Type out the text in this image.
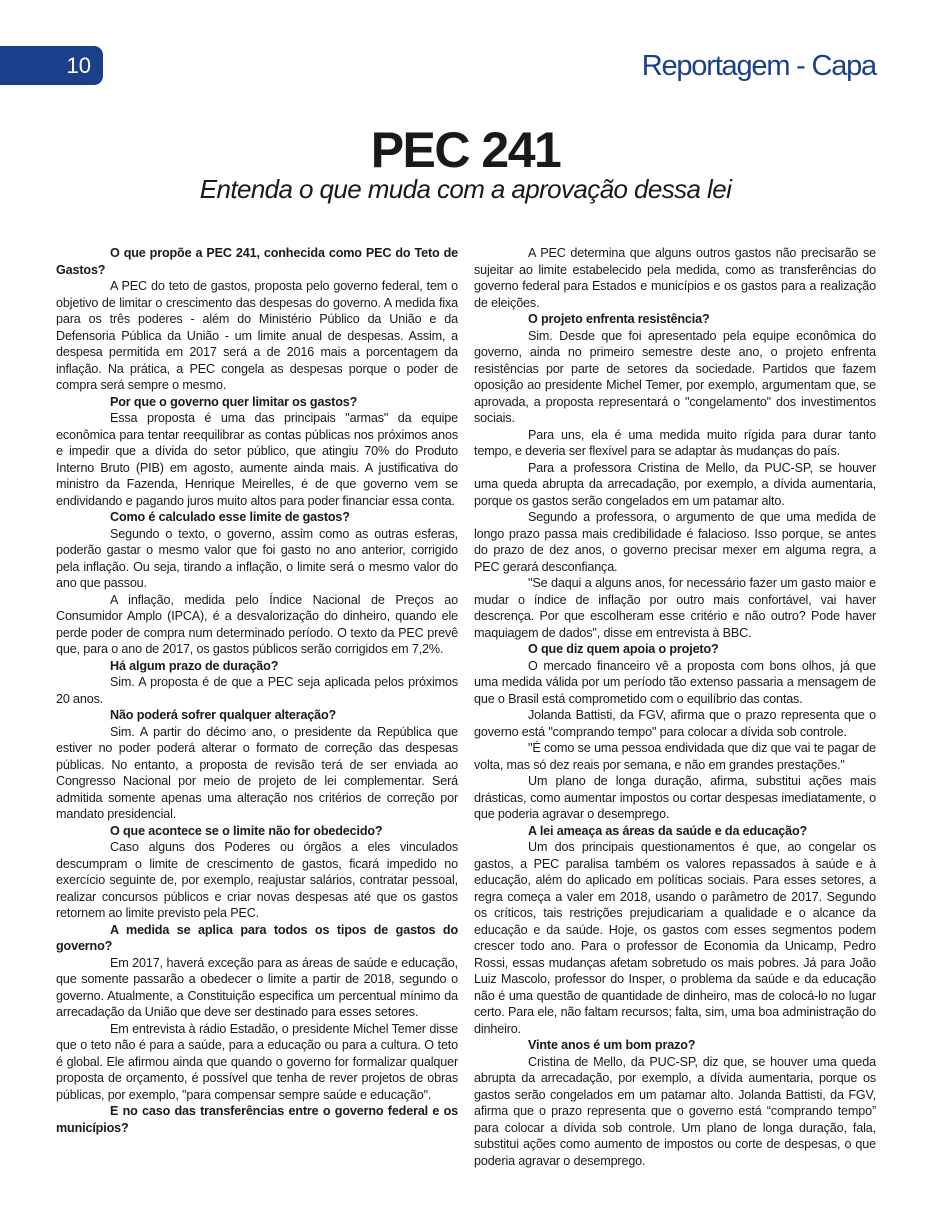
10	Reportagem - Capa
PEC 241
Entenda o que muda com a aprovação dessa lei

O que propõe a PEC 241, conhecida como PEC do Teto de Gastos?

A PEC do teto de gastos, proposta pelo governo federal, tem o objetivo de limitar o crescimento das despesas do governo. A medida fixa para os três poderes - além do Ministério Público da União e da Defensoria Pública da União - um limite anual de despesas. Assim, a despesa permitida em 2017 será a de 2016 mais a porcentagem da inflação. Na prática, a PEC congela as despesas porque o poder de compra será sempre o mesmo.

Por que o governo quer limitar os gastos?

Essa proposta é uma das principais "armas" da equipe econômica para tentar reequilibrar as contas públicas nos próximos anos e impedir que a dívida do setor público, que atingiu 70% do Produto Interno Bruto (PIB) em agosto, aumente ainda mais. A justificativa do ministro da Fazenda, Henrique Meirelles, é de que governo vem se endividando e pagando juros muito altos para poder financiar essa conta.

Como é calculado esse limite de gastos?

Segundo o texto, o governo, assim como as outras esferas, poderão gastar o mesmo valor que foi gasto no ano anterior, corrigido pela inflação. Ou seja, tirando a inflação, o limite será o mesmo valor do ano que passou.

A inflação, medida pelo Índice Nacional de Preços ao Consumidor Amplo (IPCA), é a desvalorização do dinheiro, quando ele perde poder de compra num determinado período. O texto da PEC prevê que, para o ano de 2017, os gastos públicos serão corrigidos em 7,2%.

Há algum prazo de duração?

Sim. A proposta é de que a PEC seja aplicada pelos próximos 20 anos.

Não poderá sofrer qualquer alteração?

Sim. A partir do décimo ano, o presidente da República que estiver no poder poderá alterar o formato de correção das despesas públicas. No entanto, a proposta de revisão terá de ser enviada ao Congresso Nacional por meio de projeto de lei complementar. Será admitida somente apenas uma alteração nos critérios de correção por mandato presidencial.

O que acontece se o limite não for obedecido?

Caso alguns dos Poderes ou órgãos a eles vinculados descumpram o limite de crescimento de gastos, ficará impedido no exercício seguinte de, por exemplo, reajustar salários, contratar pessoal, realizar concursos públicos e criar novas despesas até que os gastos retornem ao limite previsto pela PEC.

A medida se aplica para todos os tipos de gastos do governo?

Em 2017, haverá exceção para as áreas de saúde e educação, que somente passarão a obedecer o limite a partir de 2018, segundo o governo. Atualmente, a Constituição especifica um percentual mínimo da arrecadação da União que deve ser destinado para esses setores.

Em entrevista à rádio Estadão, o presidente Michel Temer disse que o teto não é para a saúde, para a educação ou para a cultura. O teto é global. Ele afirmou ainda que quando o governo for formalizar qualquer proposta de orçamento, é possível que tenha de rever projetos de obras públicas, por exemplo, "para compensar sempre saúde e educação".

E no caso das transferências entre o governo federal e os municípios?

A PEC determina que alguns outros gastos não precisarão se sujeitar ao limite estabelecido pela medida, como as transferências do governo federal para Estados e municípios e os gastos para a realização de eleições.

O projeto enfrenta resistência?

Sim. Desde que foi apresentado pela equipe econômica do governo, ainda no primeiro semestre deste ano, o projeto enfrenta resistências por parte de setores da sociedade. Partidos que fazem oposição ao presidente Michel Temer, por exemplo, argumentam que, se aprovada, a proposta representará o "congelamento" dos investimentos sociais.

Para uns, ela é uma medida muito rígida para durar tanto tempo, e deveria ser flexível para se adaptar às mudanças do país.

Para a professora Cristina de Mello, da PUC-SP, se houver uma queda abrupta da arrecadação, por exemplo, a dívida aumentaria, porque os gastos serão congelados em um patamar alto.

Segundo a professora, o argumento de que uma medida de longo prazo passa mais credibilidade é falacioso. Isso porque, se antes do prazo de dez anos, o governo precisar mexer em alguma regra, a PEC gerará desconfiança.

"Se daqui a alguns anos, for necessário fazer um gasto maior e mudar o índice de inflação por outro mais confortável, vai haver descrença. Por que escolheram esse critério e não outro? Pode haver maquiagem de dados", disse em entrevista à BBC.

O que diz quem apoia o projeto?

O mercado financeiro vê a proposta com bons olhos, já que uma medida válida por um período tão extenso passaria a mensagem de que o Brasil está comprometido com o equilíbrio das contas.

Jolanda Battisti, da FGV, afirma que o prazo representa que o governo está "comprando tempo" para colocar a dívida sob controle.

"É como se uma pessoa endividada que diz que vai te pagar de volta, mas só dez reais por semana, e não em grandes prestações."

Um plano de longa duração, afirma, substitui ações mais drásticas, como aumentar impostos ou cortar despesas imediatamente, o que poderia agravar o desemprego.

A lei ameaça as áreas da saúde e da educação?

Um dos principais questionamentos é que, ao congelar os gastos, a PEC paralisa também os valores repassados à saúde e à educação, além do aplicado em políticas sociais. Para esses setores, a regra começa a valer em 2018, usando o parâmetro de 2017. Segundo os críticos, tais restrições prejudicariam a qualidade e o alcance da educação e da saúde. Hoje, os gastos com esses segmentos podem crescer todo ano. Para o professor de Economia da Unicamp, Pedro Rossi, essas mudanças afetam sobretudo os mais pobres. Já para João Luiz Mascolo, professor do Insper, o problema da saúde e da educação não é uma questão de quantidade de dinheiro, mas de colocá-lo no lugar certo. Para ele, não faltam recursos; falta, sim, uma boa administração do dinheiro.

Vinte anos é um bom prazo?

Cristina de Mello, da PUC-SP, diz que, se houver uma queda abrupta da arrecadação, por exemplo, a dívida aumentaria, porque os gastos serão congelados em um patamar alto. Jolanda Battisti, da FGV, afirma que o prazo representa que o governo está “comprando tempo” para colocar a dívida sob controle. Um plano de longa duração, fala, substitui ações como aumento de impostos ou corte de despesas, o que poderia agravar o desemprego.
